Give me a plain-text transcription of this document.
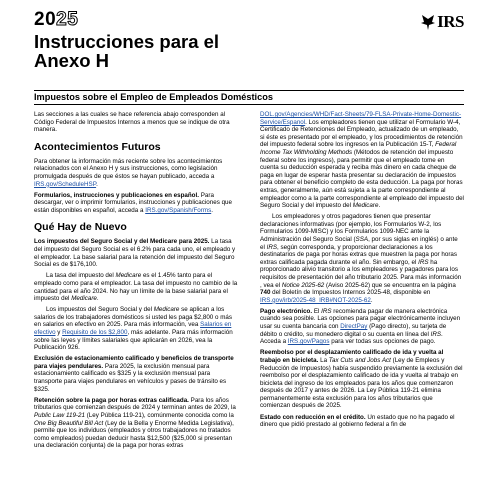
2025
Instrucciones para el
Anexo H
IRS
Impuestos sobre el Empleo de Empleados Domésticos

Las secciones a las cuales se hace referencia abajo corresponden al Código Federal de Impuestos Internos a menos que se indique de otra manera.

Acontecimientos Futuros

Para obtener la información más reciente sobre los acontecimientos relacionados con el Anexo H y sus instrucciones, como legislación promulgada después de que éstos se hayan publicado, acceda a IRS.gov/ScheduleHSP.

Formularios, instrucciones y publicaciones en español. Para descargar, ver o imprimir formularios, instrucciones y publicaciones que están disponibles en español, acceda a IRS.gov/Spanish/Forms.

Qué Hay de Nuevo

Los impuestos del Seguro Social y del Medicare para 2025. La tasa del impuesto del Seguro Social es el 6.2% para cada uno, el empleado y el empleador. La base salarial para la retención del impuesto del Seguro Social es de $176,100.

La tasa del impuesto del Medicare es el 1.45% tanto para el empleado como para el empleador. La tasa del impuesto no cambio de la cantidad para el año 2024. No hay un límite de la base salarial para el impuesto del Medicare.

Los impuestos del Seguro Social y del Medicare se aplican a los salarios de los trabajadores domésticos si usted les paga $2,800 o más en salarios en efectivo en 2025. Para más información, vea Salarios en efectivo y Requisito de los $2,800, más adelante. Para más información sobre las leyes y límites salariales que aplicarán en 2026, vea la Publicación 926.

Exclusión de estacionamiento calificado y beneficios de transporte para viajes pendulares. Para 2025, la exclusión mensual para estacionamiento calificado es $325 y la exclusión mensual para transporte para viajes pendulares en vehículos y pases de tránsito es $325.

Retención sobre la paga por horas extras calificada. Para los años tributarios que comienzan después de 2024 y terminan antes de 2029, la Public Law 119-21 (Ley Pública 119-21), comúnmente conocida como la One Big Beautiful Bill Act (Ley de la Bella y Enorme Medida Legislativa), permite que los individuos (empleados y otros trabajadores no tratados como empleados) puedan deducir hasta $12,500 ($25,000 si presentan una declaración conjunta) de la paga por horas extras

DOL.gov/Agencies/WHD/Fact-Sheets/79-FLSA-Private-Home-Domestic-Service/Espanol. Los empleadores tienen que utilizar el Formulario W-4, Certificado de Retenciones del Empleado, actualizado de un empleado, si éste es presentado por el empleado, y los procedimientos de retención del impuesto federal sobre los ingresos en la Publicación 15-T, Federal Income Tax Withholding Methods (Métodos de retención del impuesto federal sobre los ingresos), para permitir que el empleado tome en cuenta su deducción esperada y reciba más dinero en cada cheque de paga en lugar de esperar hasta presentar su declaración de impuestos para obtener el beneficio completo de esta deducción. La paga por horas extras, generalmente, aún está sujeta a la parte correspondiente al empleador como a la parte correspondiente al empleado del impuesto del Seguro Social y del impuesto del Medicare.

Los empleadores y otros pagadores tienen que presentar declaraciones informativas (por ejemplo, los Formularios W-2, los Formularios 1099-MISC) y los Formularios 1099-NEC ante la Administración del Seguro Social (SSA, por sus siglas en inglés) o ante el IRS, según corresponda, y proporcionar declaraciones a los destinatarios de paga por horas extras que muestren la paga por horas extras calificada pagada durante el año. Sin embargo, el IRS ha proporcionado alivio transitorio a los empleadores y pagadores para los requisitos de presentación del año tributario 2025. Para más información , vea el Notice 2025-62 (Aviso 2025-62) que se encuentra en la página 740 del Boletín de Impuestos Internos 2025-48, disponible en IRS.gov/irb/2025-48_IRB#NOT-2025-62.

Pago electrónico. El IRS recomienda pagar de manera electrónica cuando sea posible. Las opciones para pagar electrónicamente incluyen usar su cuenta bancaria con DirectPay (Pago directo), su tarjeta de débito o crédito, su monedero digital o su cuenta en línea del IRS. Acceda a IRS.gov/Pagos para ver todas sus opciones de pago.

Reembolso por el desplazamiento calificado de ida y vuelta al trabajo en bicicleta. La Tax Cuts and Jobs Act (Ley de Empleos y Reducción de Impuestos) había suspendido previamente la exclusión del reembolso por el desplazamiento calificado de ida y vuelta al trabajo en bicicleta del ingreso de los empleados para los años que comenzaron después de 2017 y antes de 2026. La Ley Pública 119-21 elimina permanentemente esta exclusión para los años tributarios que comienzan después de 2025.

Estado con reducción en el crédito. Un estado que no ha pagado el dinero que pidió prestado al gobierno federal a fin de
